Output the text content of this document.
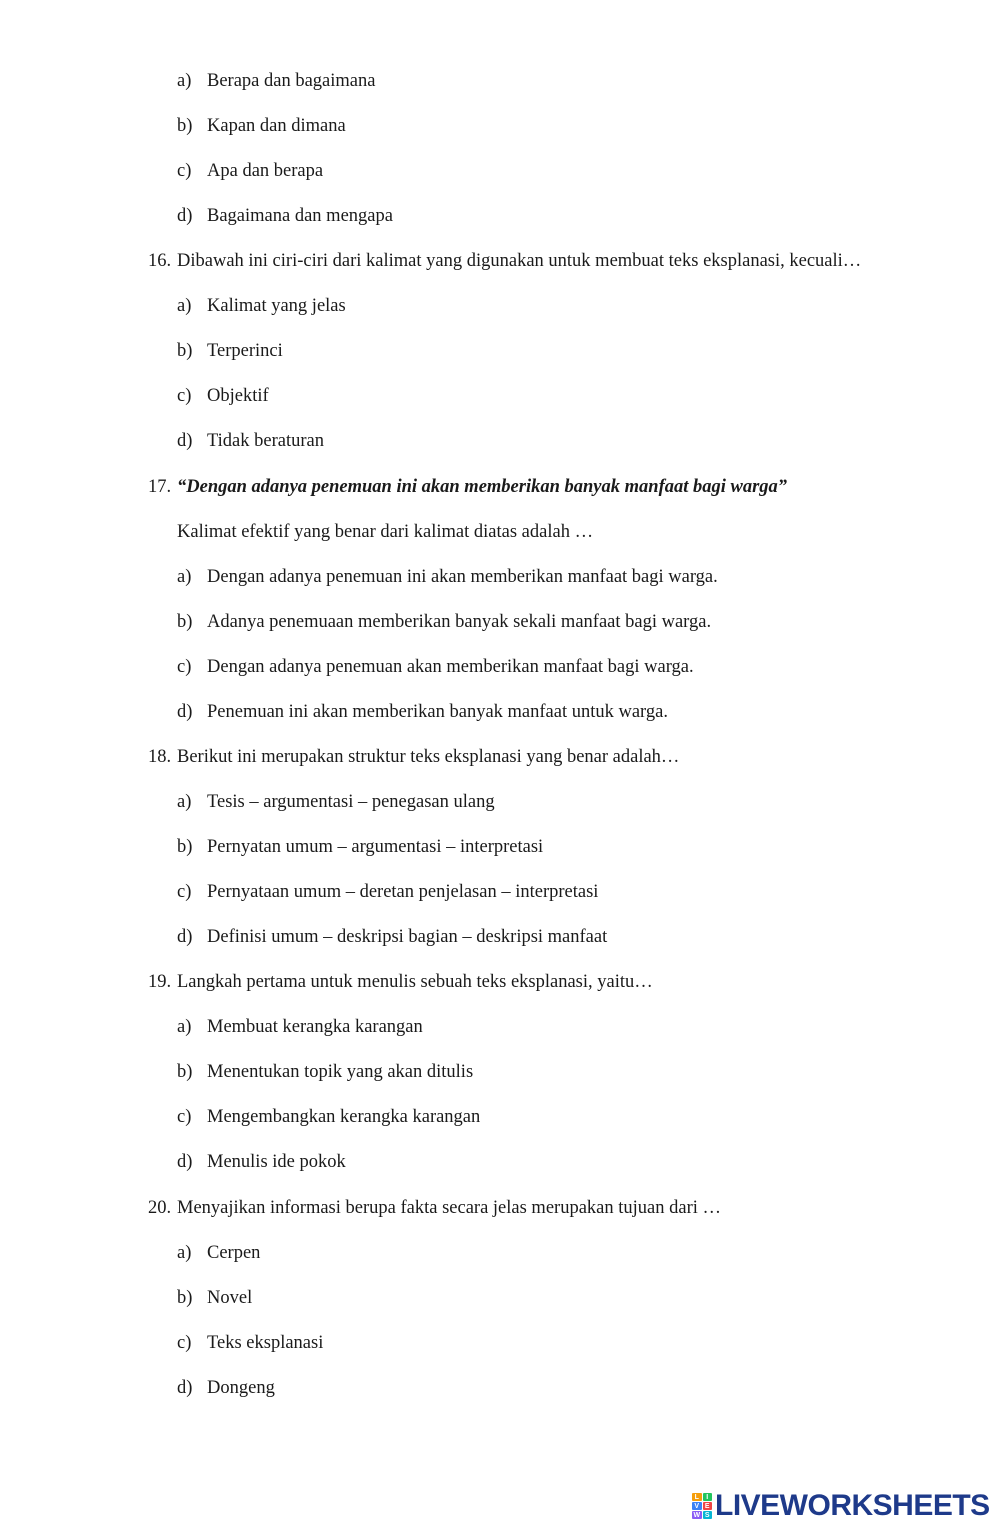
a) Berapa dan bagaimana
b) Kapan dan dimana
c) Apa dan berapa
d) Bagaimana dan mengapa
16. Dibawah ini ciri-ciri dari kalimat yang digunakan untuk membuat teks eksplanasi, kecuali…
a) Kalimat yang jelas
b) Terperinci
c) Objektif
d) Tidak beraturan
17. “Dengan adanya penemuan ini akan memberikan banyak manfaat bagi warga”
Kalimat efektif yang benar dari kalimat diatas adalah …
a) Dengan adanya penemuan ini akan memberikan manfaat bagi warga.
b) Adanya penemuaan memberikan banyak sekali manfaat bagi warga.
c) Dengan adanya penemuan akan memberikan manfaat bagi warga.
d) Penemuan ini akan memberikan banyak manfaat untuk warga.
18. Berikut ini merupakan struktur teks eksplanasi yang benar adalah…
a) Tesis – argumentasi – penegasan ulang
b) Pernyatan umum – argumentasi – interpretasi
c) Pernyataan umum – deretan penjelasan – interpretasi
d) Definisi umum – deskripsi bagian – deskripsi manfaat
19. Langkah pertama untuk menulis sebuah teks eksplanasi, yaitu…
a) Membuat kerangka karangan
b) Menentukan topik yang akan ditulis
c) Mengembangkan kerangka karangan
d) Menulis ide pokok
20. Menyajikan informasi berupa fakta secara jelas merupakan tujuan dari …
a) Cerpen
b) Novel
c) Teks eksplanasi
d) Dongeng
L	I
V E
W S LIVEWORKSHEETS
